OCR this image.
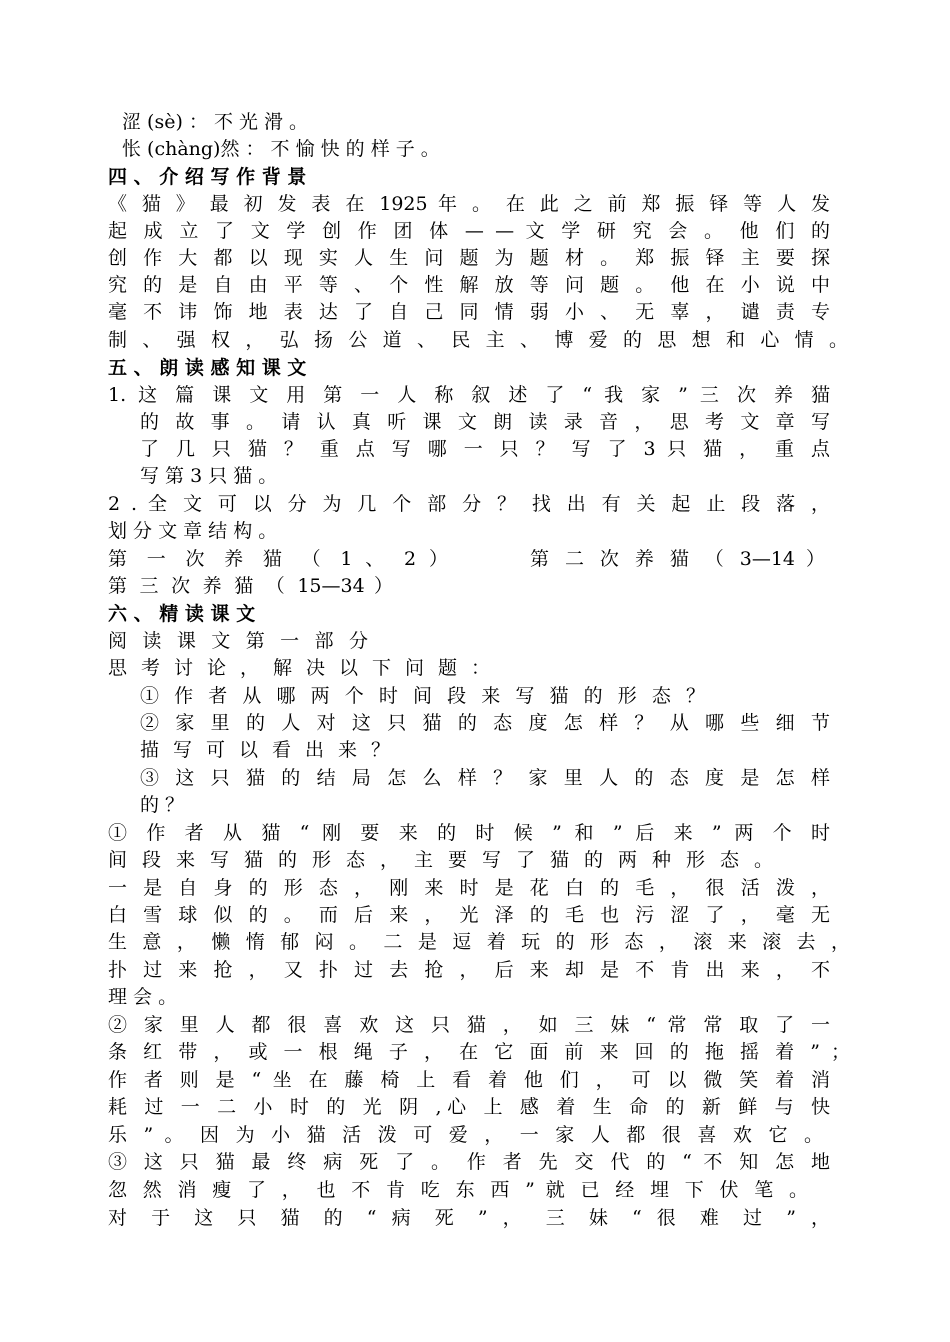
涩 (sè) ： 不 光 滑 。
怅 (chàng)然 ： 不 愉 快 的 样 子 。
四 、 介 绍 写 作 背 景
《 猫 》 最 初 发 表 在 1925 年 。 在 此 之 前 郑 振 铎 等 人 发
起 成 立 了 文 学 创 作 团 体 — — 文 学 研 究 会 。 他 们 的
创 作 大 都 以 现 实 人 生 问 题 为 题 材 。 郑 振 铎 主 要 探
究 的 是 自 由 平 等 、 个 性 解 放 等 问 题 。 他 在 小 说 中
毫 不 讳 饰 地 表 达 了 自 己 同 情 弱 小 、 无 辜 ， 谴 责 专
制 、 强 权 ， 弘 扬 公 道 、 民 主 、 博 爱 的 思 想 和 心 情 。
五 、 朗 读 感 知 课 文
1. 这 篇 课 文 用 第 一 人 称 叙 述 了 “ 我 家 ” 三 次 养 猫
的 故 事 。 请 认 真 听 课 文 朗 读 录 音 ， 思 考 文 章 写
了 几 只 猫 ？ 重 点 写 哪 一 只 ？ 写 了 3 只 猫 ， 重 点
写 第 3 只 猫 。
2 . 全 文 可 以 分 为 几 个 部 分 ？ 找 出 有 关 起 止 段 落 ，
划 分 文 章 结 构 。
第 一 次 养 猫 （ 1 、 2 ）	第 二 次 养 猫 （ 3—14 ）
第 三 次 养 猫 （ 15—34 ）
六 、 精 读 课 文
阅 读 课 文 第 一 部 分
思 考 讨 论 ， 解 决 以 下 问 题 ：
① 作 者 从 哪 两 个 时 间 段 来 写 猫 的 形 态 ？
② 家 里 的 人 对 这 只 猫 的 态 度 怎 样 ？ 从 哪 些 细 节
描 写 可 以 看 出 来 ？
③ 这 只 猫 的 结 局 怎 么 样 ？ 家 里 人 的 态 度 是 怎 样
的 ？
① 作 者 从 猫 “ 刚 要 来 的 时 候 ” 和 ” 后 来 ” 两 个 时
间 段 来 写 猫 的 形 态 ， 主 要 写 了 猫 的 两 种 形 态 。
一 是 自 身 的 形 态 ， 刚 来 时 是 花 白 的 毛 ， 很 活 泼 ，
白 雪 球 似 的 。 而 后 来 ， 光 泽 的 毛 也 污 涩 了 ， 毫 无
生 意 ， 懒 惰 郁 闷 。 二 是 逗 着 玩 的 形 态 ， 滚 来 滚 去 ，
扑 过 来 抢 ， 又 扑 过 去 抢 ， 后 来 却 是 不 肯 出 来 ， 不
理 会 。
② 家 里 人 都 很 喜 欢 这 只 猫 ， 如 三 妹 “ 常 常 取 了 一
条 红 带 ， 或 一 根 绳 子 ， 在 它 面 前 来 回 的 拖 摇 着 ” ；
作 者 则 是 “ 坐 在 藤 椅 上 看 着 他 们 ， 可 以 微 笑 着 消
耗 过 一 二 小 时 的 光 阴 ,心 上 感 着 生 命 的 新 鲜 与 快
乐 ” 。 因 为 小 猫 活 泼 可 爱 ， 一 家 人 都 很 喜 欢 它 。
③ 这 只 猫 最 终 病 死 了 。 作 者 先 交 代 的 “ 不 知 怎 地
忽 然 消 瘦 了 ， 也 不 肯 吃 东 西 ” 就 已 经 埋 下 伏 笔 。
对 于 这 只 猫 的 “ 病 死 ” ， 三 妹 “ 很 难 过 ” ，
